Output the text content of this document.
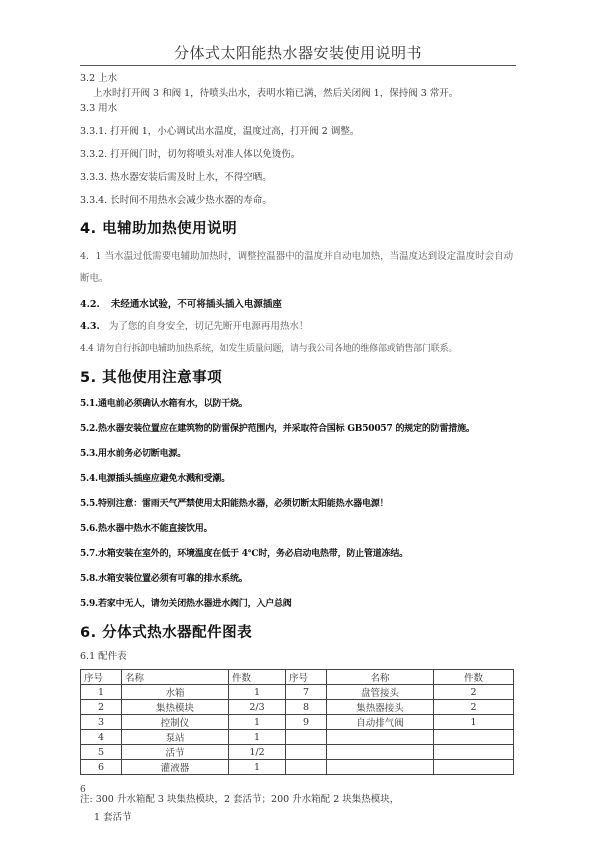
分体式太阳能热水器安装使用说明书

3.2 上水

上水时打开阀 3 和阀 1，待喷头出水，表明水箱已满，然后关闭阀 1，保持阀 3 常开。

3.3 用水

3.3.1. 打开阀 1，小心调试出水温度，温度过高，打开阀 2 调整。

3.3.2. 打开阀门时，切勿将喷头对准人体以免烫伤。

3.3.3. 热水器安装后需及时上水，不得空晒。

3.3.4. 长时间不用热水会减少热水器的寿命。

4. 电辅助加热使用说明

4．1 当水温过低需要电辅助加热时，调整控温器中的温度并自动电加热，当温度达到设定温度时会自动断电。

4.2. 未经通水试验，不可将插头插入电源插座

4.3. 为了您的自身安全，切记先断开电源再用热水！

4.4 请勿自行拆卸电辅助加热系统，如发生质量问题，请与我公司各地的维修部或销售部门联系。

5. 其他使用注意事项

5.1.通电前必须确认水箱有水，以防干烧。

5.2.热水器安装位置应在建筑物的防雷保护范围内，并采取符合国标 GB50057 的规定的防雷措施。

5.3.用水前务必切断电源。

5.4.电源插头插座应避免水溅和受潮。

5.5.特别注意：雷雨天气严禁使用太阳能热水器，必须切断太阳能热水器电源！

5.6.热水器中热水不能直接饮用。

5.7.水箱安装在室外的，环境温度在低于 4℃时，务必启动电热带，防止管道冻结。

5.8.水箱安装位置必须有可靠的排水系统。

5.9.若家中无人，请勿关闭热水器进水阀门，入户总阀

6. 分体式热水器配件图表

6.1 配件表

序号	名称	件数	序号	名称	件数
1	水箱	1	7	盘管接头	2
2	集热模块	2/3	8	集热器接头	2
3	控制仪	1	9	自动排气阀	1
4	泵站	1			
5	活节	1/2			
6	灌液器	1			
注: 300 升水箱配 3 块集热模块，2 套活节；200 升水箱配 2 块集热模块，
1 套活节
6
